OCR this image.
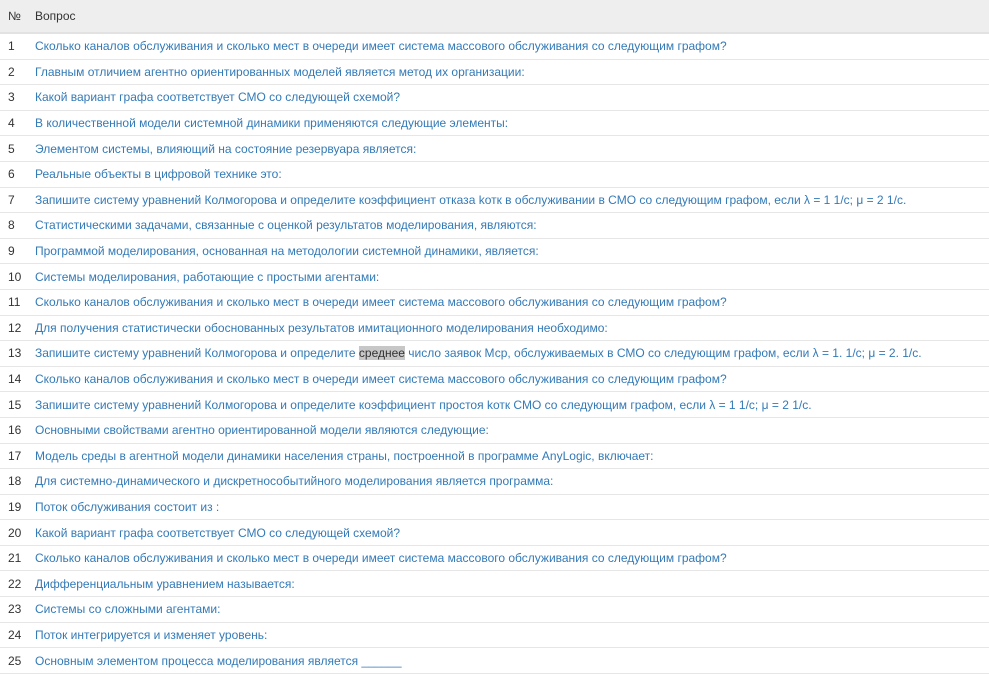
№	Вопрос
1	Сколько каналов обслуживания и сколько мест в очереди имеет система массового обслуживания со следующим графом?
2	Главным отличием агентно ориентированных моделей является метод их организации:
3	Какой вариант графа соответствует СМО со следующей схемой?
4	В количественной модели системной динамики применяются следующие элементы:
5	Элементом системы, влияющий на состояние резервуара является:
6	Реальные объекты в цифровой технике это:
7	Запишите систему уравнений Колмогорова и определите коэффициент отказа kотк в обслуживании в СМО со следующим графом, если λ = 1 1/c; μ = 2 1/c.
8	Статистическими задачами, связанные с оценкой результатов моделирования, являются:
9	Программой моделирования, основанная на методологии системной динамики, является:
10	Системы моделирования, работающие с простыми агентами:
11	Сколько каналов обслуживания и сколько мест в очереди имеет система массового обслуживания со следующим графом?
12	Для получения статистически обоснованных результатов имитационного моделирования необходимо:
13	Запишите систему уравнений Колмогорова и определите среднее число заявок Мср, обслуживаемых в СМО со следующим графом, если λ = 1. 1/c; μ = 2. 1/c.
14	Сколько каналов обслуживания и сколько мест в очереди имеет система массового обслуживания со следующим графом?
15	Запишите систему уравнений Колмогорова и определите коэффициент простоя kотк СМО со следующим графом, если λ = 1 1/c; μ = 2 1/c.
16	Основными свойствами агентно ориентированной модели являются следующие:
17	Модель среды в агентной модели динамики населения страны, построенной в программе AnyLogic, включает:
18	Для системно-динамического и дискретнособытийного моделирования является программа:
19	Поток обслуживания состоит из :
20	Какой вариант графа соответствует СМО со следующей схемой?
21	Сколько каналов обслуживания и сколько мест в очереди имеет система массового обслуживания со следующим графом?
22	Дифференциальным уравнением называется:
23	Системы со сложными агентами:
24	Поток интегрируется и изменяет уровень:
25	Основным элементом процесса моделирования является ______
